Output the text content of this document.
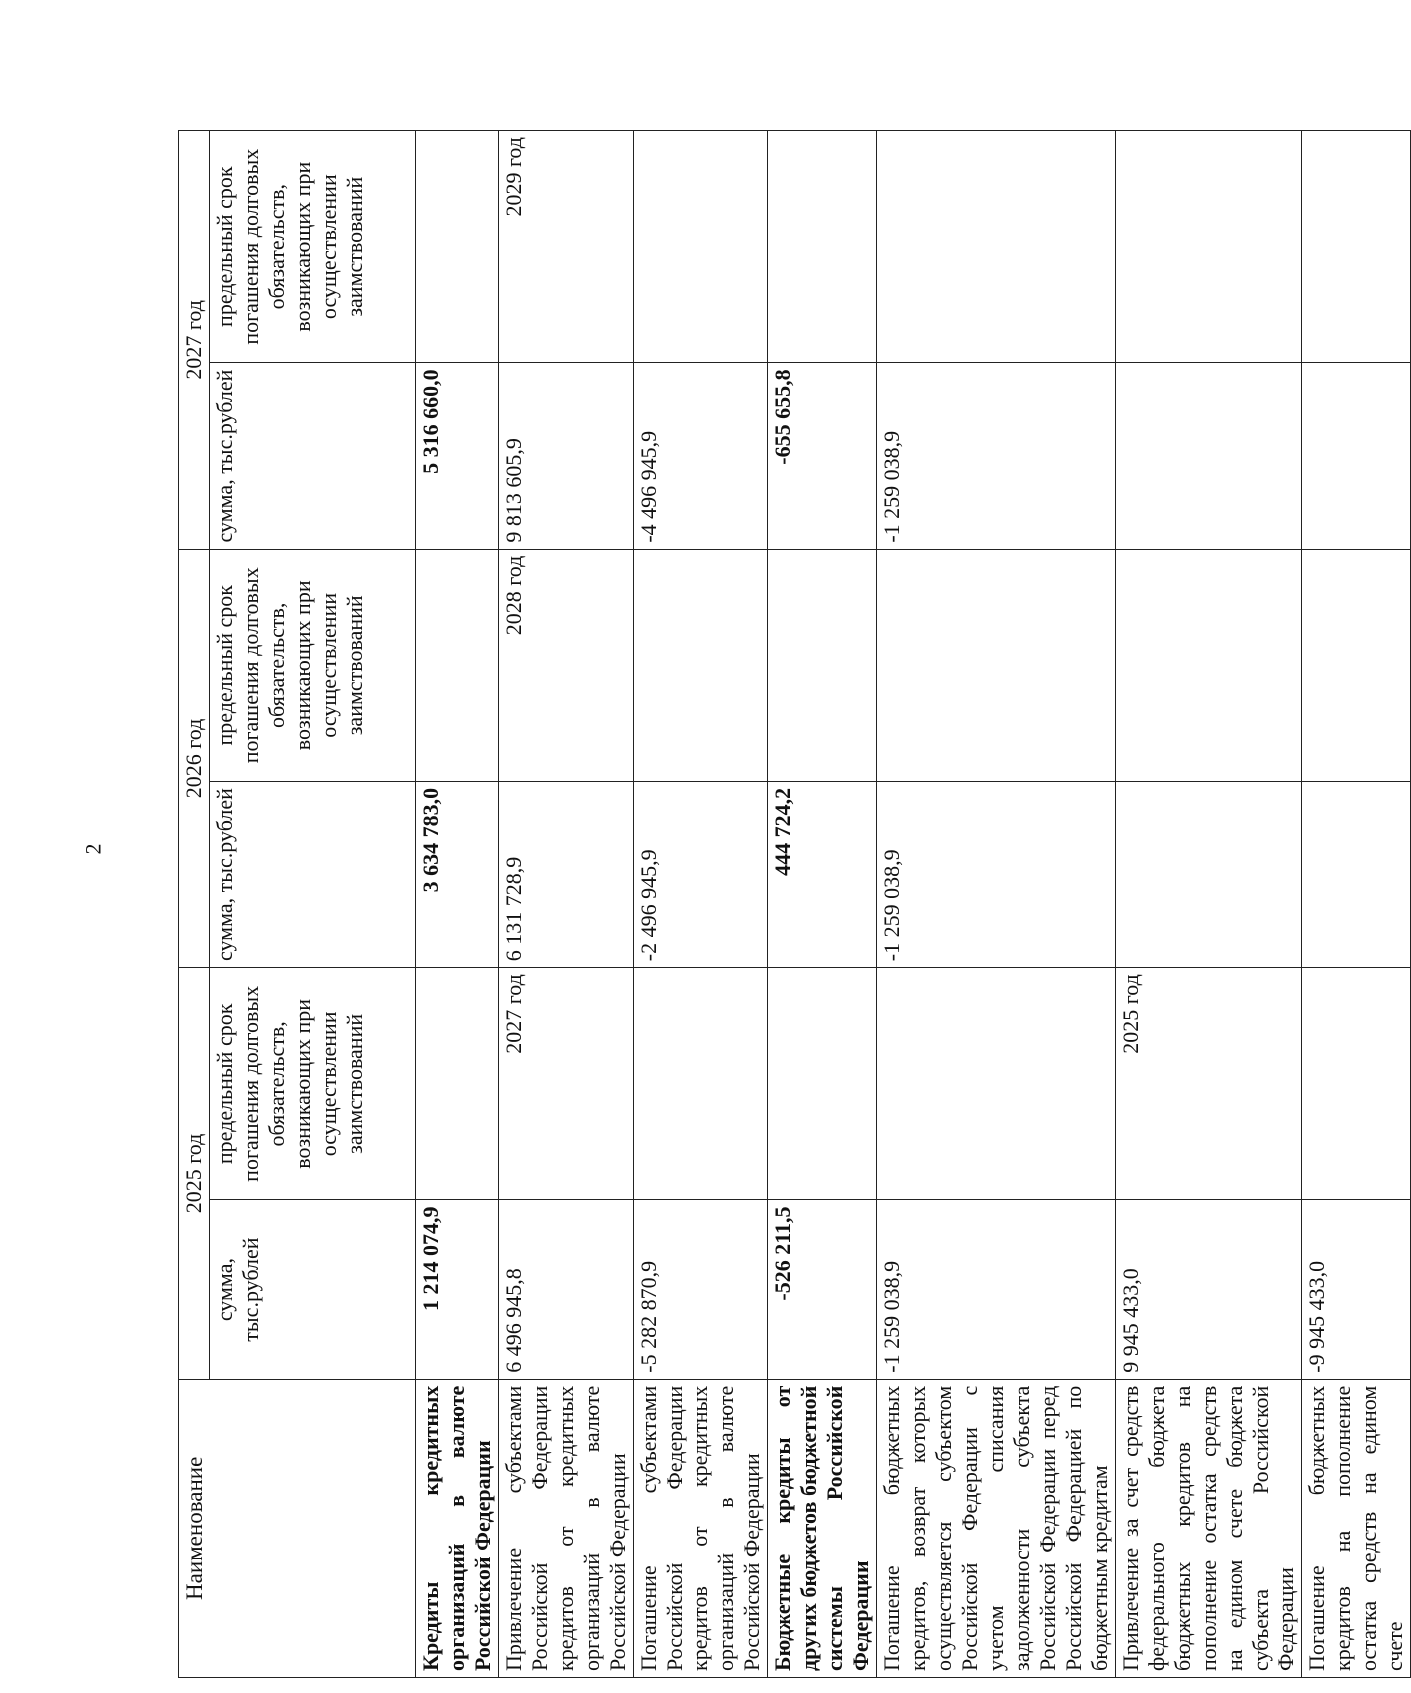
2
Наименование	2025 год		2026 год		2027 год	
	сумма, тыс.рублей	предельный срок погашения долговых обязательств, возникающих при осуществлении заимствований	сумма, тыс.рублей	предельный срок погашения долговых обязательств, возникающих при осуществлении заимствований	сумма, тыс.рублей	предельный срок погашения долговых обязательств, возникающих при осуществлении заимствований
Кредиты кредитных организаций в валюте Российской Федерации	1 214 074,9		3 634 783,0		5 316 660,0	
Привлечение субъектами Российской Федерации кредитов от кредитных организаций в валюте Российской Федерации	6 496 945,8	2027 год	6 131 728,9	2028 год	9 813 605,9	2029 год
Погашение субъектами Российской Федерации кредитов от кредитных организаций в валюте Российской Федерации	-5 282 870,9		-2 496 945,9		-4 496 945,9	
Бюджетные кредиты от других бюджетов бюджетной системы Российской Федерации	-526 211,5		444 724,2		-655 655,8	
Погашение бюджетных кредитов, возврат которых осуществляется субъектом Российской Федерации с учетом списания задолженности субъекта Российской Федерации перед Российской Федерацией по бюджетным кредитам	-1 259 038,9		-1 259 038,9		-1 259 038,9	
Привлечение за счет средств федерального бюджета бюджетных кредитов на пополнение остатка средств на едином счете бюджета субъекта Российской Федерации	9 945 433,0	2025 год				
Погашение бюджетных кредитов на пополнение остатка средств на едином счете	-9 945 433,0					
